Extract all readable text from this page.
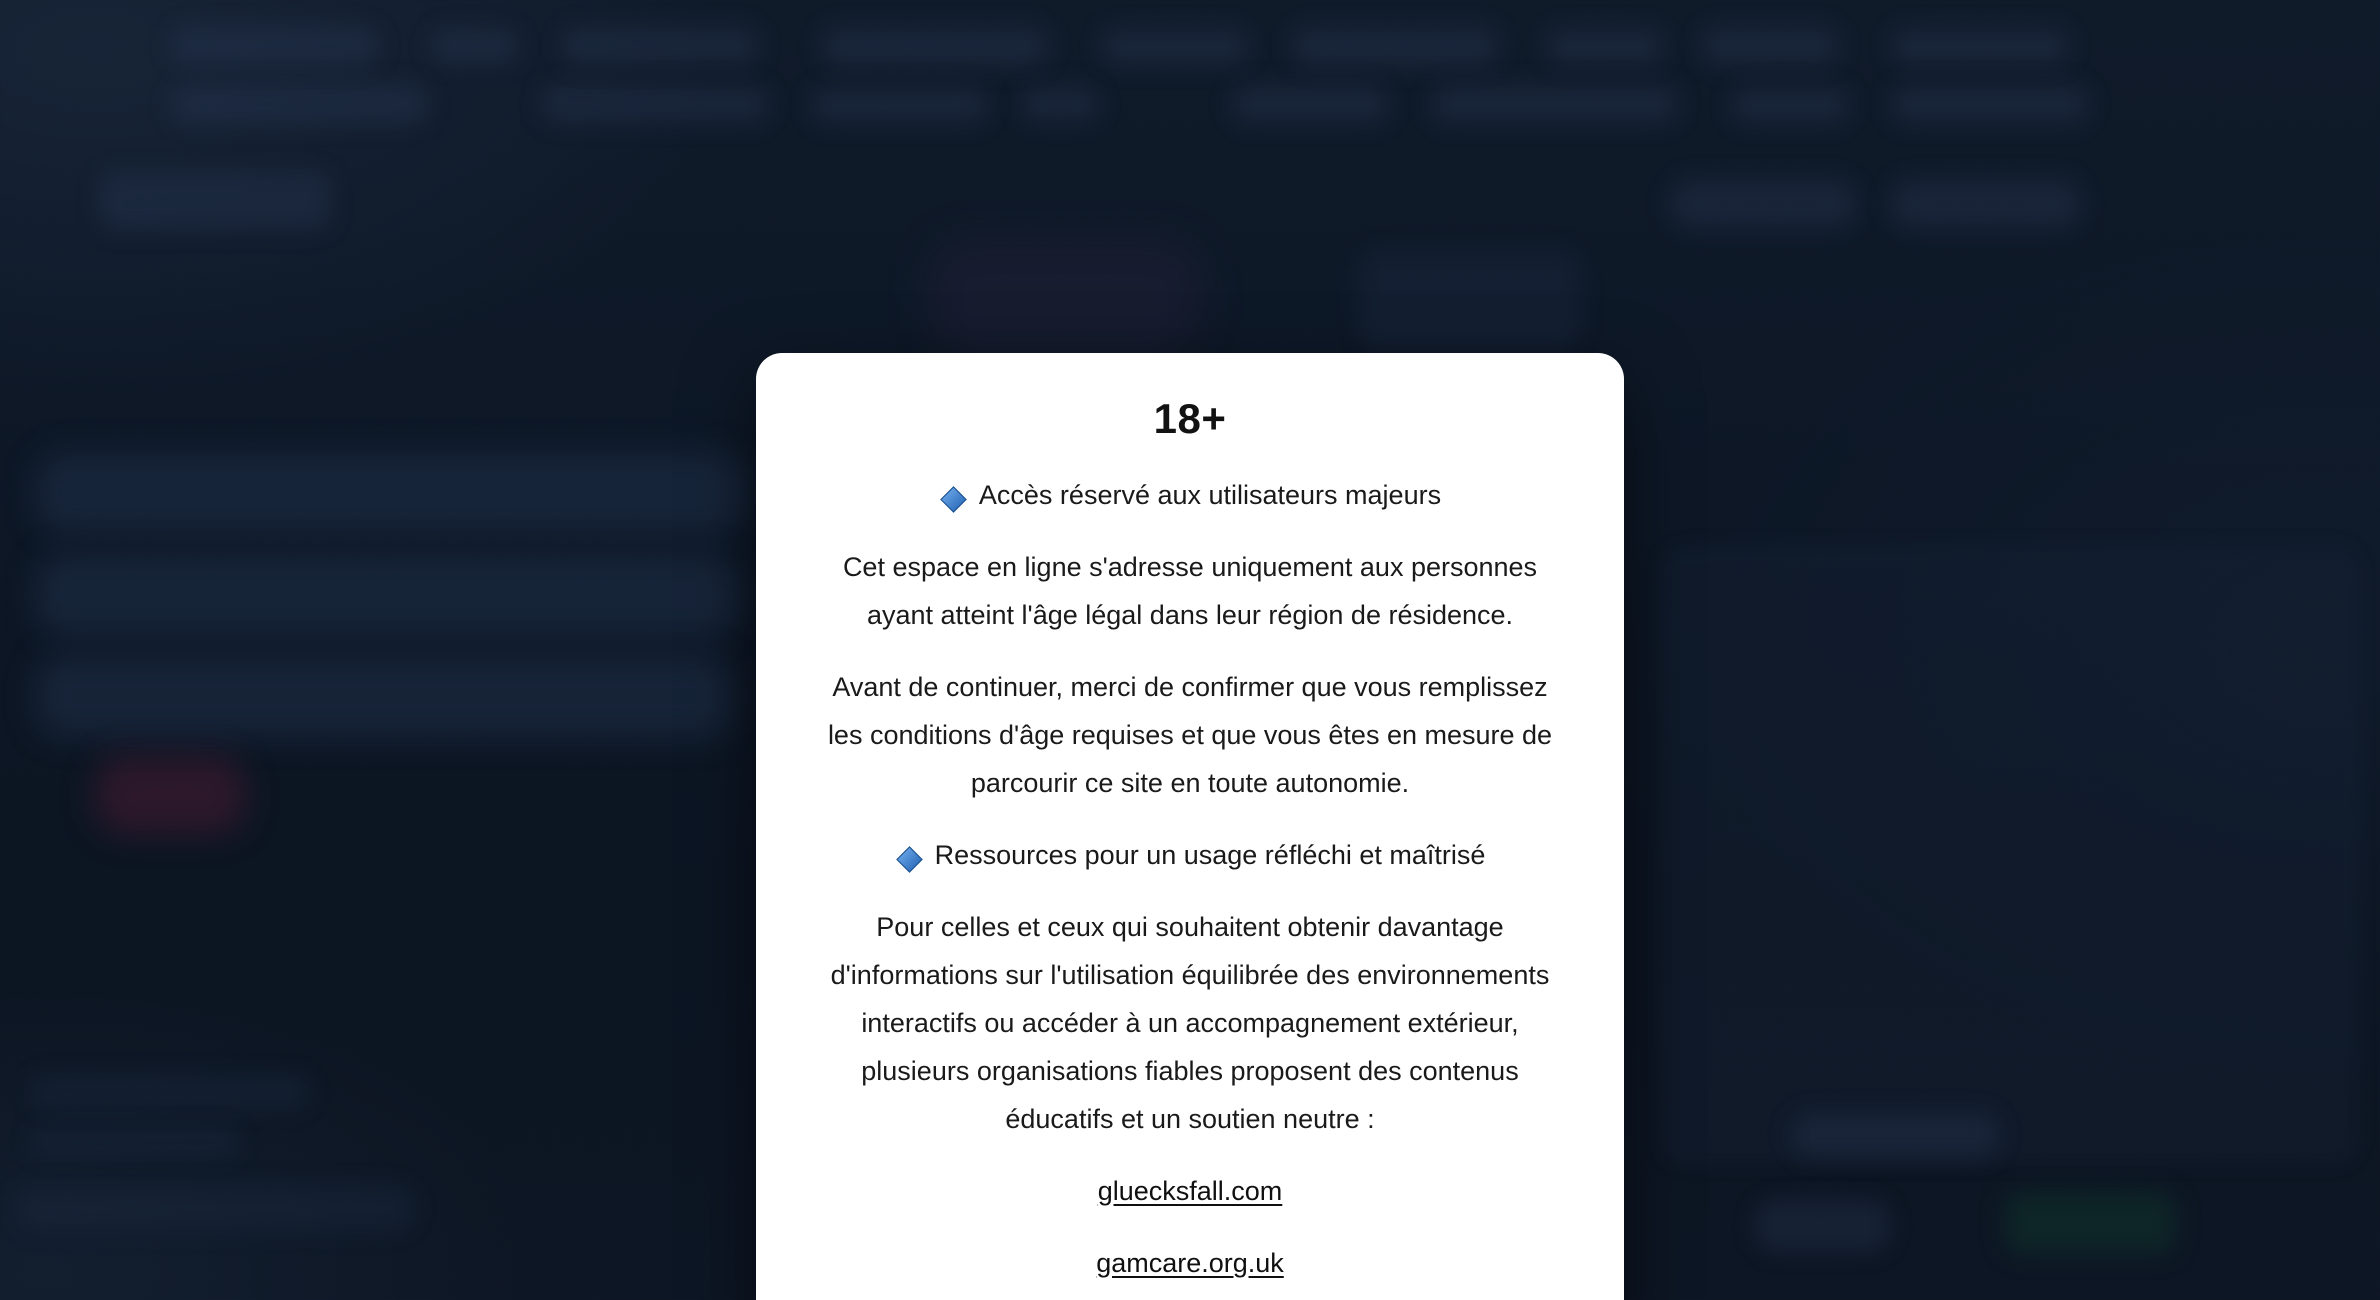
18+

Accès réservé aux utilisateurs majeurs

Cet espace en ligne s'adresse uniquement aux personnes ayant atteint l'âge légal dans leur région de résidence.

Avant de continuer, merci de confirmer que vous remplissez les conditions d'âge requises et que vous êtes en mesure de parcourir ce site en toute autonomie.

Ressources pour un usage réfléchi et maîtrisé

Pour celles et ceux qui souhaitent obtenir davantage d'informations sur l'utilisation équilibrée des environnements interactifs ou accéder à un accompagnement extérieur, plusieurs organisations fiables proposent des contenus éducatifs et un soutien neutre :

gluecksfall.com

gamcare.org.uk
